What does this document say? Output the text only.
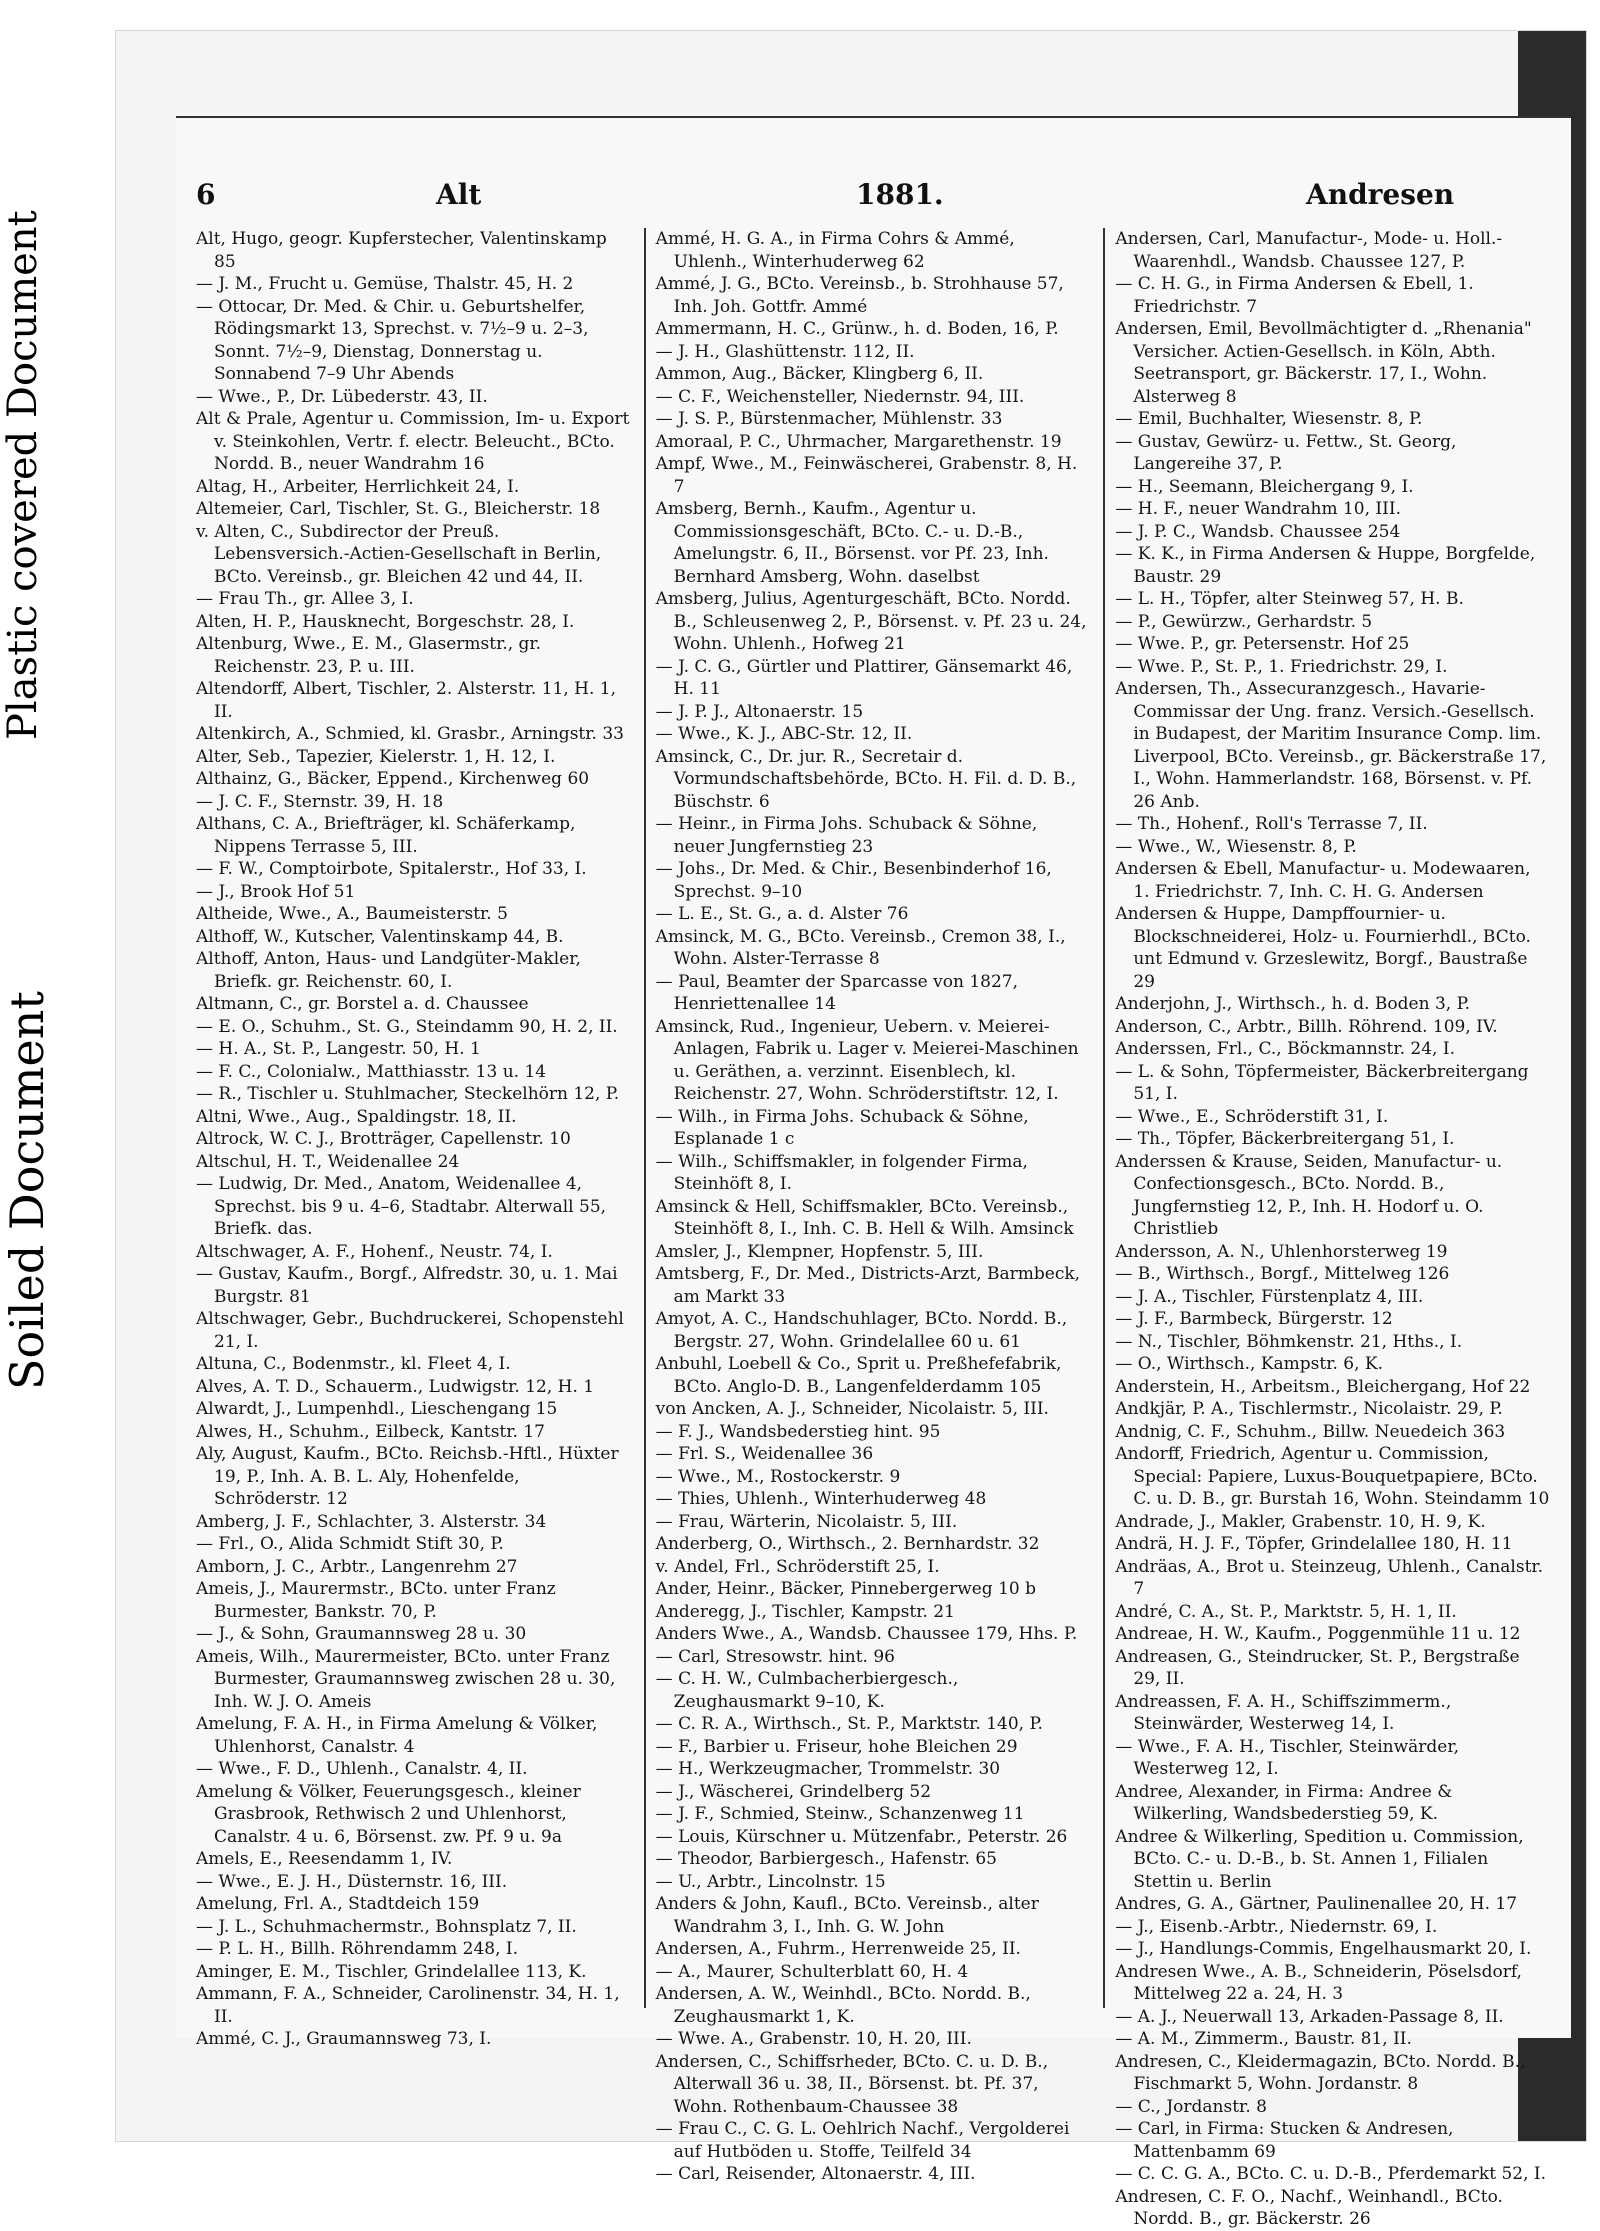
Soiled Document
Plastic covered Document
6	Alt	1881.	Andresen

Alt, Hugo, geogr. Kupferstecher, Valentinskamp 85

— J. M., Frucht u. Gemüse, Thalstr. 45, H. 2

— Ottocar, Dr. Med. & Chir. u. Geburtshelfer, Rödingsmarkt 13, Sprechst. v. 7½–9 u. 2–3, Sonnt. 7½–9, Dienstag, Donnerstag u. Sonnabend 7–9 Uhr Abends

— Wwe., P., Dr. Lübederstr. 43, II.

Alt & Prale, Agentur u. Commission, Im- u. Export v. Steinkohlen, Vertr. f. electr. Beleucht., BCto. Nordd. B., neuer Wandrahm 16

Altag, H., Arbeiter, Herrlichkeit 24, I.

Altemeier, Carl, Tischler, St. G., Bleicherstr. 18

v. Alten, C., Subdirector der Preuß. Lebensversich.-Actien-Gesellschaft in Berlin, BCto. Vereinsb., gr. Bleichen 42 und 44, II.

— Frau Th., gr. Allee 3, I.

Alten, H. P., Hausknecht, Borgeschstr. 28, I.

Altenburg, Wwe., E. M., Glasermstr., gr. Reichenstr. 23, P. u. III.

Altendorff, Albert, Tischler, 2. Alsterstr. 11, H. 1, II.

Altenkirch, A., Schmied, kl. Grasbr., Arningstr. 33

Alter, Seb., Tapezier, Kielerstr. 1, H. 12, I.

Althainz, G., Bäcker, Eppend., Kirchenweg 60

— J. C. F., Sternstr. 39, H. 18

Althans, C. A., Briefträger, kl. Schäferkamp, Nippens Terrasse 5, III.

— F. W., Comptoirbote, Spitalerstr., Hof 33, I.

— J., Brook Hof 51

Altheide, Wwe., A., Baumeisterstr. 5

Althoff, W., Kutscher, Valentinskamp 44, B.

Althoff, Anton, Haus- und Landgüter-Makler, Briefk. gr. Reichenstr. 60, I.

Altmann, C., gr. Borstel a. d. Chaussee

— E. O., Schuhm., St. G., Steindamm 90, H. 2, II.

— H. A., St. P., Langestr. 50, H. 1

— F. C., Colonialw., Matthiasstr. 13 u. 14

— R., Tischler u. Stuhlmacher, Steckelhörn 12, P.

Altni, Wwe., Aug., Spaldingstr. 18, II.

Altrock, W. C. J., Brotträger, Capellenstr. 10

Altschul, H. T., Weidenallee 24

— Ludwig, Dr. Med., Anatom, Weidenallee 4, Sprechst. bis 9 u. 4–6, Stadtabr. Alterwall 55, Briefk. das.

Altschwager, A. F., Hohenf., Neustr. 74, I.

— Gustav, Kaufm., Borgf., Alfredstr. 30, u. 1. Mai Burgstr. 81

Altschwager, Gebr., Buchdruckerei, Schopenstehl 21, I.

Altuna, C., Bodenmstr., kl. Fleet 4, I.

Alves, A. T. D., Schauerm., Ludwigstr. 12, H. 1

Alwardt, J., Lumpenhdl., Lieschengang 15

Alwes, H., Schuhm., Eilbeck, Kantstr. 17

Aly, August, Kaufm., BCto. Reichsb.-Hftl., Hüxter 19, P., Inh. A. B. L. Aly, Hohenfelde, Schröderstr. 12

Amberg, J. F., Schlachter, 3. Alsterstr. 34

— Frl., O., Alida Schmidt Stift 30, P.

Amborn, J. C., Arbtr., Langenrehm 27

Ameis, J., Maurermstr., BCto. unter Franz Burmester, Bankstr. 70, P.

— J., & Sohn, Graumannsweg 28 u. 30

Ameis, Wilh., Maurermeister, BCto. unter Franz Burmester, Graumannsweg zwischen 28 u. 30, Inh. W. J. O. Ameis

Amelung, F. A. H., in Firma Amelung & Völker, Uhlenhorst, Canalstr. 4

— Wwe., F. D., Uhlenh., Canalstr. 4, II.

Amelung & Völker, Feuerungsgesch., kleiner Grasbrook, Rethwisch 2 und Uhlenhorst, Canalstr. 4 u. 6, Börsenst. zw. Pf. 9 u. 9a

Amels, E., Reesendamm 1, IV.

— Wwe., E. J. H., Düsternstr. 16, III.

Amelung, Frl. A., Stadtdeich 159

— J. L., Schuhmachermstr., Bohnsplatz 7, II.

— P. L. H., Billh. Röhrendamm 248, I.

Aminger, E. M., Tischler, Grindelallee 113, K.

Ammann, F. A., Schneider, Carolinenstr. 34, H. 1, II.

Ammé, C. J., Graumannsweg 73, I.

Ammé, H. G. A., in Firma Cohrs & Ammé, Uhlenh., Winterhuderweg 62

Ammé, J. G., BCto. Vereinsb., b. Strohhause 57, Inh. Joh. Gottfr. Ammé

Ammermann, H. C., Grünw., h. d. Boden, 16, P.

— J. H., Glashüttenstr. 112, II.

Ammon, Aug., Bäcker, Klingberg 6, II.

— C. F., Weichensteller, Niedernstr. 94, III.

— J. S. P., Bürstenmacher, Mühlenstr. 33

Amoraal, P. C., Uhrmacher, Margarethenstr. 19

Ampf, Wwe., M., Feinwäscherei, Grabenstr. 8, H. 7

Amsberg, Bernh., Kaufm., Agentur u. Commissionsgeschäft, BCto. C.- u. D.-B., Amelungstr. 6, II., Börsenst. vor Pf. 23, Inh. Bernhard Amsberg, Wohn. daselbst

Amsberg, Julius, Agenturgeschäft, BCto. Nordd. B., Schleusenweg 2, P., Börsenst. v. Pf. 23 u. 24, Wohn. Uhlenh., Hofweg 21

— J. C. G., Gürtler und Plattirer, Gänsemarkt 46, H. 11

— J. P. J., Altonaerstr. 15

— Wwe., K. J., ABC-Str. 12, II.

Amsinck, C., Dr. jur. R., Secretair d. Vormundschaftsbehörde, BCto. H. Fil. d. D. B., Büschstr. 6

— Heinr., in Firma Johs. Schuback & Söhne, neuer Jungfernstieg 23

— Johs., Dr. Med. & Chir., Besenbinderhof 16, Sprechst. 9–10

— L. E., St. G., a. d. Alster 76

Amsinck, M. G., BCto. Vereinsb., Cremon 38, I., Wohn. Alster-Terrasse 8

— Paul, Beamter der Sparcasse von 1827, Henriettenallee 14

Amsinck, Rud., Ingenieur, Uebern. v. Meierei-Anlagen, Fabrik u. Lager v. Meierei-Maschinen u. Geräthen, a. verzinnt. Eisenblech, kl. Reichenstr. 27, Wohn. Schröderstiftstr. 12, I.

— Wilh., in Firma Johs. Schuback & Söhne, Esplanade 1 c

— Wilh., Schiffsmakler, in folgender Firma, Steinhöft 8, I.

Amsinck & Hell, Schiffsmakler, BCto. Vereinsb., Steinhöft 8, I., Inh. C. B. Hell & Wilh. Amsinck

Amsler, J., Klempner, Hopfenstr. 5, III.

Amtsberg, F., Dr. Med., Districts-Arzt, Barmbeck, am Markt 33

Amyot, A. C., Handschuhlager, BCto. Nordd. B., Bergstr. 27, Wohn. Grindelallee 60 u. 61

Anbuhl, Loebell & Co., Sprit u. Preßhefefabrik, BCto. Anglo-D. B., Langenfelderdamm 105

von Ancken, A. J., Schneider, Nicolaistr. 5, III.

— F. J., Wandsbederstieg hint. 95

— Frl. S., Weidenallee 36

— Wwe., M., Rostockerstr. 9

— Thies, Uhlenh., Winterhuderweg 48

— Frau, Wärterin, Nicolaistr. 5, III.

Anderberg, O., Wirthsch., 2. Bernhardstr. 32

v. Andel, Frl., Schröderstift 25, I.

Ander, Heinr., Bäcker, Pinnebergerweg 10 b

Anderegg, J., Tischler, Kampstr. 21

Anders Wwe., A., Wandsb. Chaussee 179, Hhs. P.

— Carl, Stresowstr. hint. 96

— C. H. W., Culmbacherbiergesch., Zeughausmarkt 9–10, K.

— C. R. A., Wirthsch., St. P., Marktstr. 140, P.

— F., Barbier u. Friseur, hohe Bleichen 29

— H., Werkzeugmacher, Trommelstr. 30

— J., Wäscherei, Grindelberg 52

— J. F., Schmied, Steinw., Schanzenweg 11

— Louis, Kürschner u. Mützenfabr., Peterstr. 26

— Theodor, Barbiergesch., Hafenstr. 65

— U., Arbtr., Lincolnstr. 15

Anders & John, Kaufl., BCto. Vereinsb., alter Wandrahm 3, I., Inh. G. W. John

Andersen, A., Fuhrm., Herrenweide 25, II.

— A., Maurer, Schulterblatt 60, H. 4

Andersen, A. W., Weinhdl., BCto. Nordd. B., Zeughausmarkt 1, K.

— Wwe. A., Grabenstr. 10, H. 20, III.

Andersen, C., Schiffsrheder, BCto. C. u. D. B., Alterwall 36 u. 38, II., Börsenst. bt. Pf. 37, Wohn. Rothenbaum-Chaussee 38

— Frau C., C. G. L. Oehlrich Nachf., Vergolderei auf Hutböden u. Stoffe, Teilfeld 34

— Carl, Reisender, Altonaerstr. 4, III.

Andersen, Carl, Manufactur-, Mode- u. Holl.-Waarenhdl., Wandsb. Chaussee 127, P.

— C. H. G., in Firma Andersen & Ebell, 1. Friedrichstr. 7

Andersen, Emil, Bevollmächtigter d. „Rhenania" Versicher. Actien-Gesellsch. in Köln, Abth. Seetransport, gr. Bäckerstr. 17, I., Wohn. Alsterweg 8

— Emil, Buchhalter, Wiesenstr. 8, P.

— Gustav, Gewürz- u. Fettw., St. Georg, Langereihe 37, P.

— H., Seemann, Bleichergang 9, I.

— H. F., neuer Wandrahm 10, III.

— J. P. C., Wandsb. Chaussee 254

— K. K., in Firma Andersen & Huppe, Borgfelde, Baustr. 29

— L. H., Töpfer, alter Steinweg 57, H. B.

— P., Gewürzw., Gerhardstr. 5

— Wwe. P., gr. Petersenstr. Hof 25

— Wwe. P., St. P., 1. Friedrichstr. 29, I.

Andersen, Th., Assecuranzgesch., Havarie-Commissar der Ung. franz. Versich.-Gesellsch. in Budapest, der Maritim Insurance Comp. lim. Liverpool, BCto. Vereinsb., gr. Bäckerstraße 17, I., Wohn. Hammerlandstr. 168, Börsenst. v. Pf. 26 Anb.

— Th., Hohenf., Roll's Terrasse 7, II.

— Wwe., W., Wiesenstr. 8, P.

Andersen & Ebell, Manufactur- u. Modewaaren, 1. Friedrichstr. 7, Inh. C. H. G. Andersen

Andersen & Huppe, Dampffournier- u. Blockschneiderei, Holz- u. Fournierhdl., BCto. unt Edmund v. Grzeslewitz, Borgf., Baustraße 29

Anderjohn, J., Wirthsch., h. d. Boden 3, P.

Anderson, C., Arbtr., Billh. Röhrend. 109, IV.

Anderssen, Frl., C., Böckmannstr. 24, I.

— L. & Sohn, Töpfermeister, Bäckerbreitergang 51, I.

— Wwe., E., Schröderstift 31, I.

— Th., Töpfer, Bäckerbreitergang 51, I.

Anderssen & Krause, Seiden, Manufactur- u. Confectionsgesch., BCto. Nordd. B., Jungfernstieg 12, P., Inh. H. Hodorf u. O. Christlieb

Andersson, A. N., Uhlenhorsterweg 19

— B., Wirthsch., Borgf., Mittelweg 126

— J. A., Tischler, Fürstenplatz 4, III.

— J. F., Barmbeck, Bürgerstr. 12

— N., Tischler, Böhmkenstr. 21, Hths., I.

— O., Wirthsch., Kampstr. 6, K.

Anderstein, H., Arbeitsm., Bleichergang, Hof 22

Andkjär, P. A., Tischlermstr., Nicolaistr. 29, P.

Andnig, C. F., Schuhm., Billw. Neuedeich 363

Andorff, Friedrich, Agentur u. Commission, Special: Papiere, Luxus-Bouquetpapiere, BCto. C. u. D. B., gr. Burstah 16, Wohn. Steindamm 10

Andrade, J., Makler, Grabenstr. 10, H. 9, K.

Andrä, H. J. F., Töpfer, Grindelallee 180, H. 11

Andräas, A., Brot u. Steinzeug, Uhlenh., Canalstr. 7

André, C. A., St. P., Marktstr. 5, H. 1, II.

Andreae, H. W., Kaufm., Poggenmühle 11 u. 12

Andreasen, G., Steindrucker, St. P., Bergstraße 29, II.

Andreassen, F. A. H., Schiffszimmerm., Steinwärder, Westerweg 14, I.

— Wwe., F. A. H., Tischler, Steinwärder, Westerweg 12, I.

Andree, Alexander, in Firma: Andree & Wilkerling, Wandsbederstieg 59, K.

Andree & Wilkerling, Spedition u. Commission, BCto. C.- u. D.-B., b. St. Annen 1, Filialen Stettin u. Berlin

Andres, G. A., Gärtner, Paulinenallee 20, H. 17

— J., Eisenb.-Arbtr., Niedernstr. 69, I.

— J., Handlungs-Commis, Engelhausmarkt 20, I.

Andresen Wwe., A. B., Schneiderin, Pöselsdorf, Mittelweg 22 a. 24, H. 3

— A. J., Neuerwall 13, Arkaden-Passage 8, II.

— A. M., Zimmerm., Baustr. 81, II.

Andresen, C., Kleidermagazin, BCto. Nordd. B., Fischmarkt 5, Wohn. Jordanstr. 8

— C., Jordanstr. 8

— Carl, in Firma: Stucken & Andresen, Mattenbamm 69

— C. C. G. A., BCto. C. u. D.-B., Pferdemarkt 52, I.

Andresen, C. F. O., Nachf., Weinhandl., BCto. Nordd. B., gr. Bäckerstr. 26
